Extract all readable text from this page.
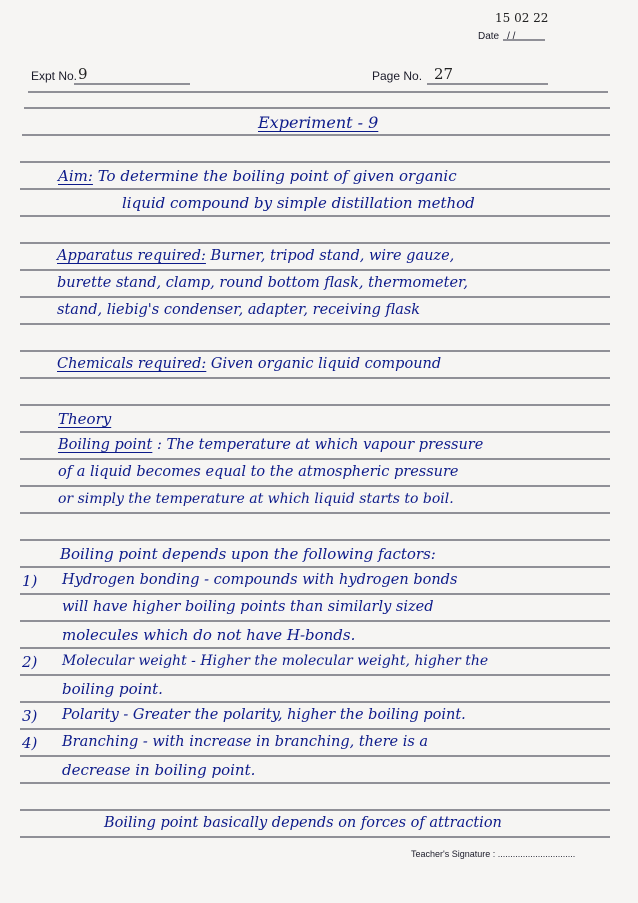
15 02 22
Date / /
Expt No. 9	Page No. 27
Experiment - 9
Aim: To determine the boiling point of given organic
liquid compound by simple distillation method
Apparatus required: Burner, tripod stand, wire gauze,
burette stand, clamp, round bottom flask, thermometer,
stand, liebig's condenser, adapter, receiving flask
Chemicals required: Given organic liquid compound
Theory
Boiling point : The temperature at which vapour pressure
of a liquid becomes equal to the atmospheric pressure
or simply the temperature at which liquid starts to boil.
Boiling point depends upon the following factors:
1) Hydrogen bonding - compounds with hydrogen bonds
will have higher boiling points than similarly sized
molecules which do not have H-bonds.
2) Molecular weight - Higher the molecular weight, higher the
boiling point.
3) Polarity - Greater the polarity, higher the boiling point.
4) Branching - with increase in branching, there is a
decrease in boiling point.
Boiling point basically depends on forces of attraction
Teacher's Signature : ...............................
